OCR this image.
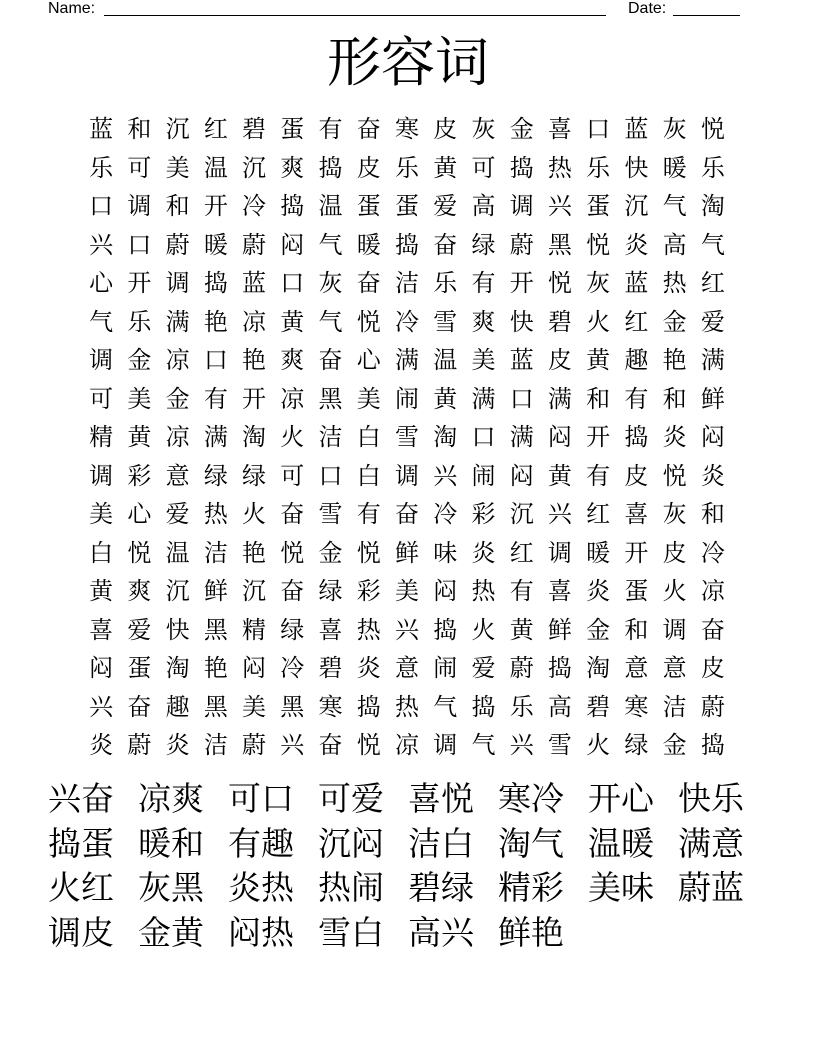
Name:	Date:
形容词
蓝 和 沉 红 碧 蛋 有 奋 寒 皮 灰 金 喜 口 蓝 灰 悦
乐 可 美 温 沉 爽 捣 皮 乐 黄 可 捣 热 乐 快 暖 乐
口 调 和 开 冷 捣 温 蛋 蛋 爱 高 调 兴 蛋 沉 气 淘
兴 口 蔚 暖 蔚 闷 气 暖 捣 奋 绿 蔚 黑 悦 炎 高 气
心 开 调 捣 蓝 口 灰 奋 洁 乐 有 开 悦 灰 蓝 热 红
气 乐 满 艳 凉 黄 气 悦 冷 雪 爽 快 碧 火 红 金 爱
调 金 凉 口 艳 爽 奋 心 满 温 美 蓝 皮 黄 趣 艳 满
可 美 金 有 开 凉 黑 美 闹 黄 满 口 满 和 有 和 鲜
精 黄 凉 满 淘 火 洁 白 雪 淘 口 满 闷 开 捣 炎 闷
调 彩 意 绿 绿 可 口 白 调 兴 闹 闷 黄 有 皮 悦 炎
美 心 爱 热 火 奋 雪 有 奋 冷 彩 沉 兴 红 喜 灰 和
白 悦 温 洁 艳 悦 金 悦 鲜 味 炎 红 调 暖 开 皮 冷
黄 爽 沉 鲜 沉 奋 绿 彩 美 闷 热 有 喜 炎 蛋 火 凉
喜 爱 快 黑 精 绿 喜 热 兴 捣 火 黄 鲜 金 和 调 奋
闷 蛋 淘 艳 闷 冷 碧 炎 意 闹 爱 蔚 捣 淘 意 意 皮
兴 奋 趣 黑 美 黑 寒 捣 热 气 捣 乐 高 碧 寒 洁 蔚
炎 蔚 炎 洁 蔚 兴 奋 悦 凉 调 气 兴 雪 火 绿 金 捣
兴奋 凉爽 可口 可爱 喜悦 寒冷 开心 快乐
捣蛋 暖和 有趣 沉闷 洁白 淘气 温暖 满意
火红 灰黑 炎热 热闹 碧绿 精彩 美味 蔚蓝
调皮 金黄 闷热 雪白 高兴 鲜艳
